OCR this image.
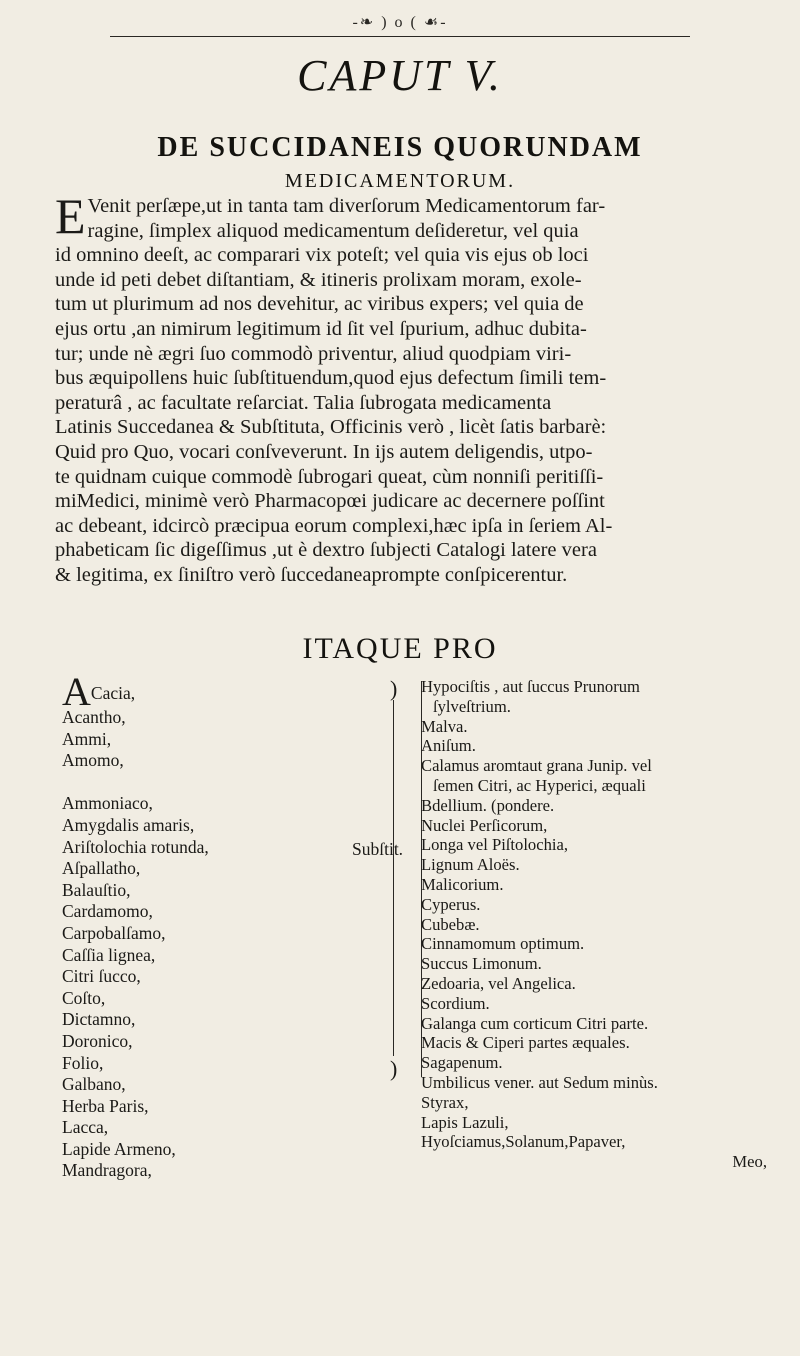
-❧ ) o ( ☙-
CAPUT V.
DE SUCCIDANEIS QUORUNDAM
MEDICAMENTORUM.
E Venit perſæpe,ut in tanta tam diverſorum Medicamentorum far-
ragine, ſimplex aliquod medicamentum deſideretur, vel quia
id omnino deeſt, ac comparari vix poteſt; vel quia vis ejus ob loci
unde id peti debet diſtantiam, & itineris prolixam moram, exole-
tum ut plurimum ad nos devehitur, ac viribus expers; vel quia de
ejus ortu ,an nimirum legitimum id ſit vel ſpurium, adhuc dubita-
tur; unde nè ægri ſuo commodò priventur, aliud quodpiam viri-
bus æquipollens huic ſubſtituendum,quod ejus defectum ſimili tem-
peraturâ , ac facultate reſarciat. Talia ſubrogata medicamenta
Latinis Succedanea & Subſtituta, Officinis verò , licèt ſatis barbarè:
Quid pro Quo, vocari conſveverunt. In ijs autem deligendis, utpo-
te quidnam cuique commodè ſubrogari queat, cùm nonniſi peritiſſi-
miMedici, minimè verò Pharmacopœi judicare ac decernere poſſint
ac debeant, idcircò præcipua eorum complexi,hæc ipſa in ſeriem Al-
phabeticam ſic digeſſimus ,ut è dextro ſubjecti Catalogi latere vera
& legitima, ex ſiniſtro verò ſuccedaneaprompte conſpicerentur.
ITAQUE PRO
ACacia,
Acantho,
Ammi,
Amomo,
Ammoniaco,
Amygdalis amaris,
Ariſtolochia rotunda,
Aſpallatho,
Balauſtio,
Cardamomo,
Carpobalſamo,
Caſſia lignea,
Citri ſucco,
Coſto,
Dictamno,
Doronico,
Folio,
Galbano,
Herba Paris,
Lacca,
Lapide Armeno,
Mandragora,
)
)
Subſtit.
Hypociſtis , aut ſuccus Prunorum
ſylveſtrium.
Malva.
Aniſum.
Calamus aromtaut grana Junip. vel
ſemen Citri, ac Hyperici, æquali
Bdellium. (pondere.
Nuclei Perſicorum,
Longa vel Piſtolochia,
Lignum Aloës.
Malicorium.
Cyperus.
Cubebæ.
Cinnamomum optimum.
Succus Limonum.
Zedoaria, vel Angelica.
Scordium.
Galanga cum corticum Citri parte.
Macis & Ciperi partes æquales.
Sagapenum.
Umbilicus vener. aut Sedum minùs.
Styrax,
Lapis Lazuli,
Hyoſciamus,Solanum,Papaver,
Meo,
